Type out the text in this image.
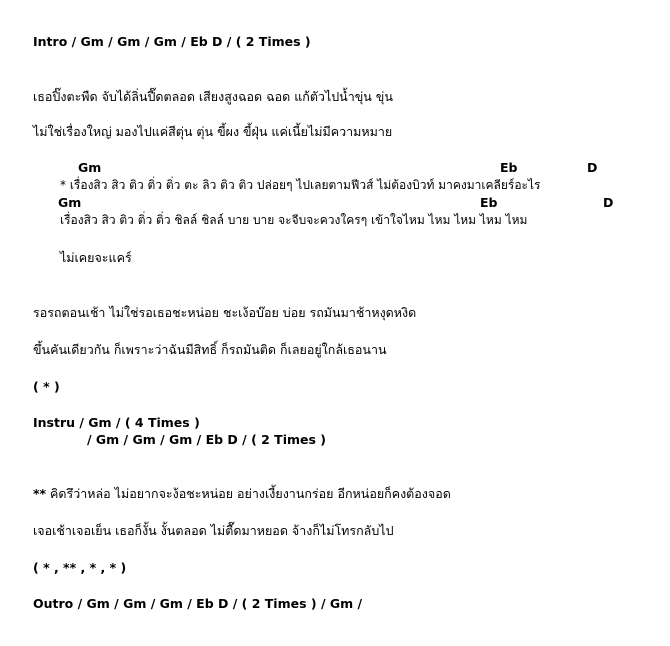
Intro / Gm / Gm / Gm / Eb D / ( 2 Times )
เธอปิ๊งตะพืด จับได้ลิ่นปี๊ดตลอด เสียงสูงฉอด ฉอด แก้ตัวไปน้ำขุ่น ขุ่น
ไม่ใช่เรื่องใหญ่ มองไปแค่สีตุ่น ตุ่น ขี้ผง ขี้ฝุ่น แค่เนี้ยไม่มีความหมาย
Gm	Eb	D
* เรื่องสิว สิว ติว ติ่ว ติ่ว ตะ ลิว ติว ติว ปล่อยๆ ไปเลยตามฟีวส์ ไม่ต้องบิวท์ มาคงมาเคลียร์อะไร
Gm	Eb	D
เรื่องสิว สิว ติว ติ่ว ติ่ว ชิลล์ ชิลล์ บาย บาย จะจีบจะควงใครๆ เข้าใจไหม ไหม ไหม ไหม ไหม
ไม่เคยจะแคร์
รอรถตอนเช้า ไม่ใช่รอเธอชะหน่อย ชะเง้อบ๊อย บ่อย รถมันมาช้าหงุดหงิด
ขึ้นคันเดียวกัน ก็เพราะว่าฉันมีสิทธิ์ ก็รถมันติด ก็เลยอยู่ใกล้เธอนาน
( * )
Instru / Gm / ( 4 Times )
/ Gm / Gm / Gm / Eb D / ( 2 Times )
** คิดรึว่าหล่อ ไม่อยากจะง้อชะหน่อย อย่างเงี้ยงานกร่อย อีกหน่อยก็คงต้องจอด
เจอเช้าเจอเย็น เธอก็งั้น งั้นตลอด ไม่ตื๊ดมาหยอด จ้างก็ไม่โทรกลับไป
( * , ** , * , * )
Outro / Gm / Gm / Gm / Eb D / ( 2 Times ) / Gm /
